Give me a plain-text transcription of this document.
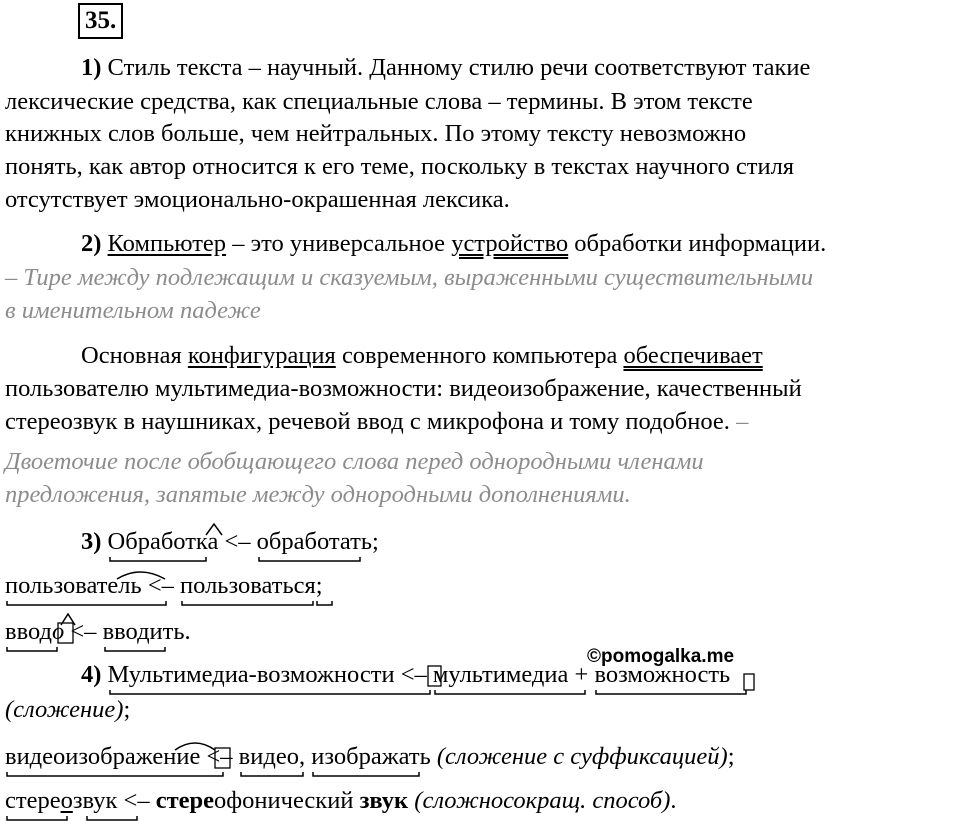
35.
1) Стиль текста – научный. Данному стилю речи соответствуют такие
лексические средства, как специальные слова – термины. В этом тексте
книжных слов больше, чем нейтральных. По этому тексту невозможно
понять, как автор относится к его теме, поскольку в текстах научного стиля
отсутствует эмоционально-окрашенная лексика.
2) Компьютер – это универсальное устройство обработки информации.
– Тире между подлежащим и сказуемым, выраженными существительными
в именительном падеже
Основная конфигурация современного компьютера обеспечивает
пользователю мультимедиа-возможности: видеоизображение, качественный
стереозвук в наушниках, речевой ввод с микрофона и тому подобное. –
Двоеточие после обобщающего слова перед однородными членами
предложения, запятые между однородными дополнениями.
3) Обработка <– обработать
;
пользователь <– пользоваться
;
вводо <– вводить
.
©pomogalka.me
4) Мультимедиа-возможности <– мультимедиа + возможность
(сложение);
видеоизображение <– видео
, изображать (сложение с суффиксацией);
стереозвук <– стереофонический звук (сложносокращ. способ).
